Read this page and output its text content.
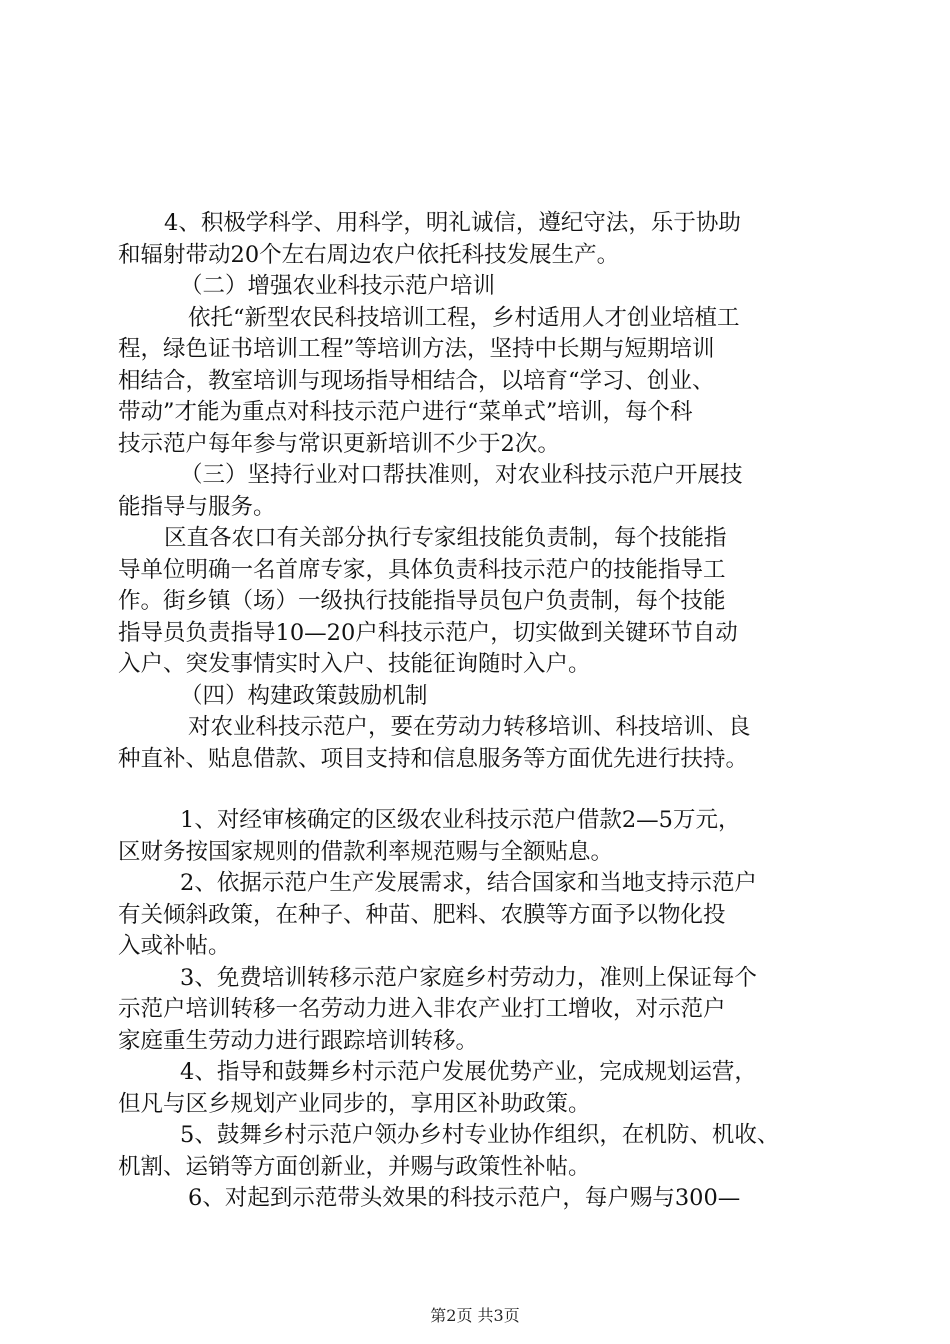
4、积极学科学、用科学，明礼诚信，遵纪守法，乐于协助
和辐射带动20个左右周边农户依托科技发展生产。
（二）增强农业科技示范户培训
依托“新型农民科技培训工程，乡村适用人才创业培植工
程，绿色证书培训工程”等培训方法，坚持中长期与短期培训
相结合，教室培训与现场指导相结合，以培育“学习、创业、
带动”才能为重点对科技示范户进行“菜单式”培训，每个科
技示范户每年参与常识更新培训不少于2次。
（三）坚持行业对口帮扶准则，对农业科技示范户开展技
能指导与服务。
区直各农口有关部分执行专家组技能负责制，每个技能指
导单位明确一名首席专家，具体负责科技示范户的技能指导工
作。街乡镇（场）一级执行技能指导员包户负责制，每个技能
指导员负责指导10—20户科技示范户，切实做到关键环节自动
入户、突发事情实时入户、技能征询随时入户。
（四）构建政策鼓励机制
对农业科技示范户，要在劳动力转移培训、科技培训、良
种直补、贴息借款、项目支持和信息服务等方面优先进行扶持。
1、对经审核确定的区级农业科技示范户借款2—5万元，
区财务按国家规则的借款利率规范赐与全额贴息。
2、依据示范户生产发展需求，结合国家和当地支持示范户
有关倾斜政策，在种子、种苗、肥料、农膜等方面予以物化投
入或补帖。
3、免费培训转移示范户家庭乡村劳动力，准则上保证每个
示范户培训转移一名劳动力进入非农产业打工增收，对示范户
家庭重生劳动力进行跟踪培训转移。
4、指导和鼓舞乡村示范户发展优势产业，完成规划运营，
但凡与区乡规划产业同步的，享用区补助政策。
5、鼓舞乡村示范户领办乡村专业协作组织，在机防、机收、
机割、运销等方面创新业，并赐与政策性补帖。
6、对起到示范带头效果的科技示范户，每户赐与300—
第2页 共3页
